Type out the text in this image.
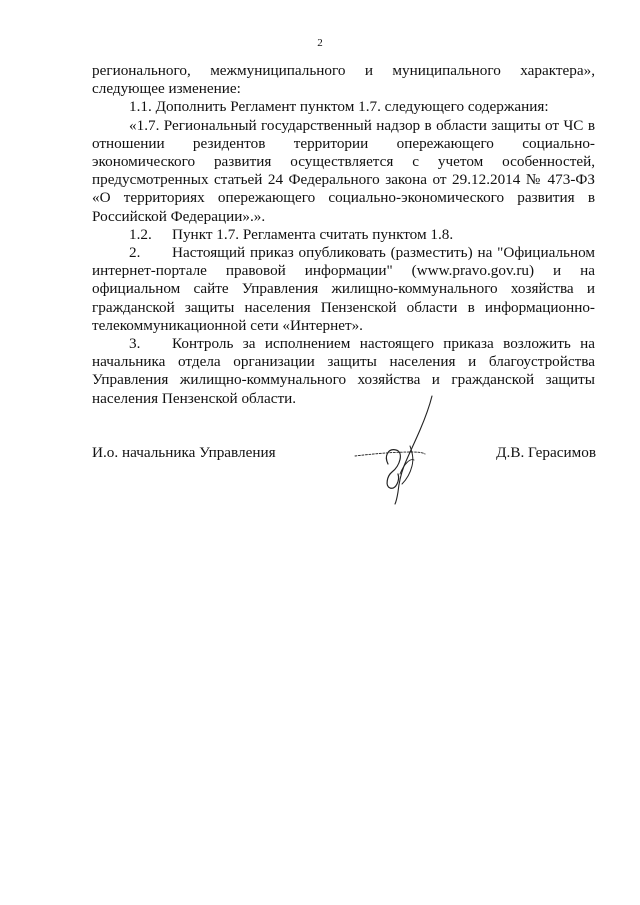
2

регионального, межмуниципального и муниципального характера», следующее изменение:

1.1. Дополнить Регламент пунктом 1.7. следующего содержания:

«1.7. Региональный государственный надзор в области защиты от ЧС в отношении резидентов территории опережающего социально-экономического развития осуществляется с учетом особенностей, предусмотренных статьей 24 Федерального закона от 29.12.2014 № 473-ФЗ «О территориях опережающего социально-экономического развития в Российской Федерации».».

1.2. Пункт 1.7. Регламента считать пунктом 1.8.

2. Настоящий приказ опубликовать (разместить) на "Официальном интернет-портале правовой информации" (www.pravo.gov.ru) и на официальном сайте Управления жилищно-коммунального хозяйства и гражданской защиты населения Пензенской области в информационно-телекоммуникационной сети «Интернет».

3. Контроль за исполнением настоящего приказа возложить на начальника отдела организации защиты населения и благоустройства Управления жилищно-коммунального хозяйства и гражданской защиты населения Пензенской области.

И.о. начальника Управления	Д.В. Герасимов
